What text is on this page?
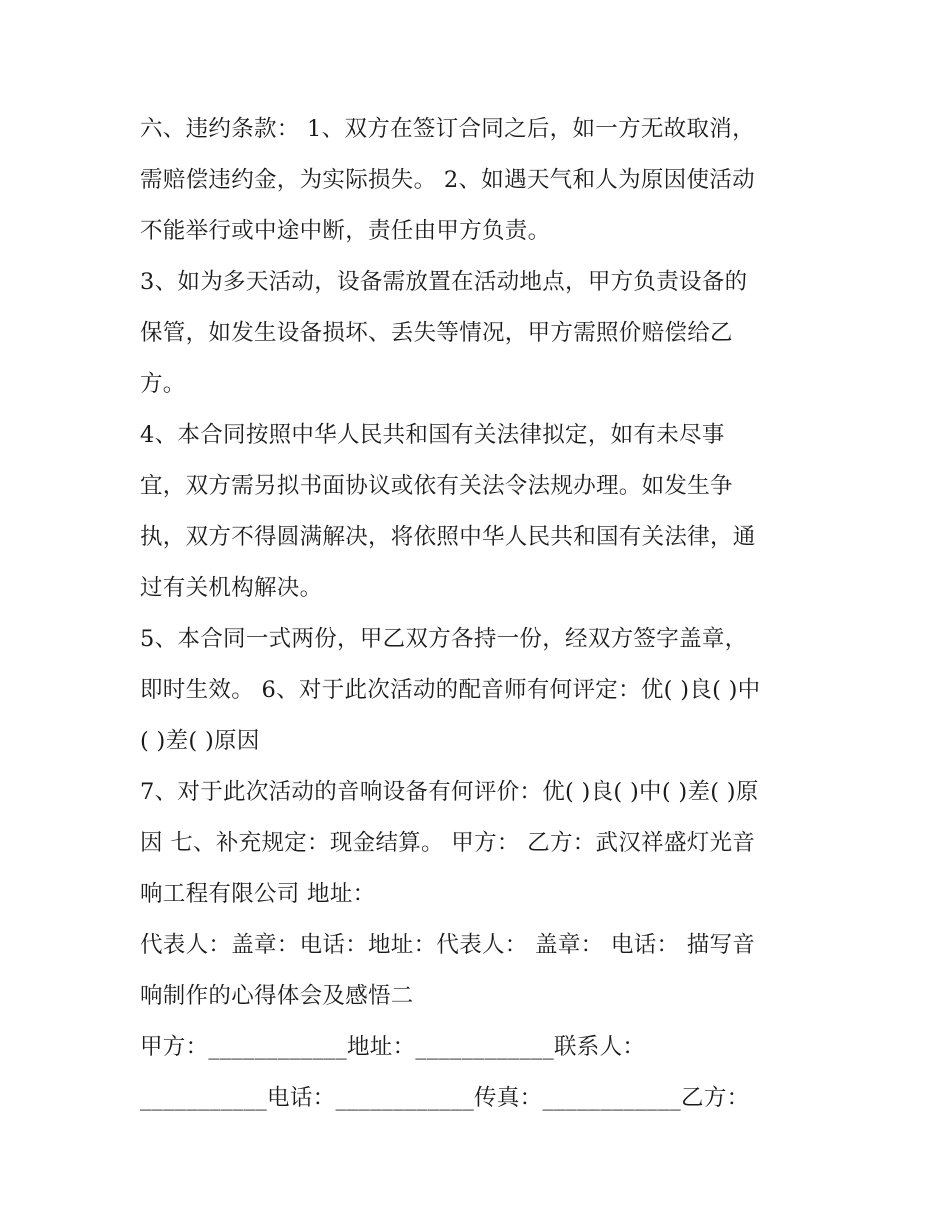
六、违约条款： 1、双方在签订合同之后，如一方无故取消，
需赔偿违约金，为实际损失。 2、如遇天气和人为原因使活动
不能举行或中途中断，责任由甲方负责。
3、如为多天活动，设备需放置在活动地点，甲方负责设备的
保管，如发生设备损坏、丢失等情况，甲方需照价赔偿给乙
方。
4、本合同按照中华人民共和国有关法律拟定，如有未尽事
宜，双方需另拟书面协议或依有关法令法规办理。如发生争
执，双方不得圆满解决，将依照中华人民共和国有关法律，通
过有关机构解决。
5、本合同一式两份，甲乙双方各持一份，经双方签字盖章，
即时生效。 6、对于此次活动的配音师有何评定：优( )良( )中
( )差( )原因
7、对于此次活动的音响设备有何评价：优( )良( )中( )差( )原
因 七、补充规定：现金结算。 甲方： 乙方：武汉祥盛灯光音
响工程有限公司 地址：
代表人：盖章：电话：地址：代表人： 盖章： 电话： 描写音
响制作的心得体会及感悟二
甲方：____________地址：____________联系人：
___________电话：____________传真：____________乙方：
